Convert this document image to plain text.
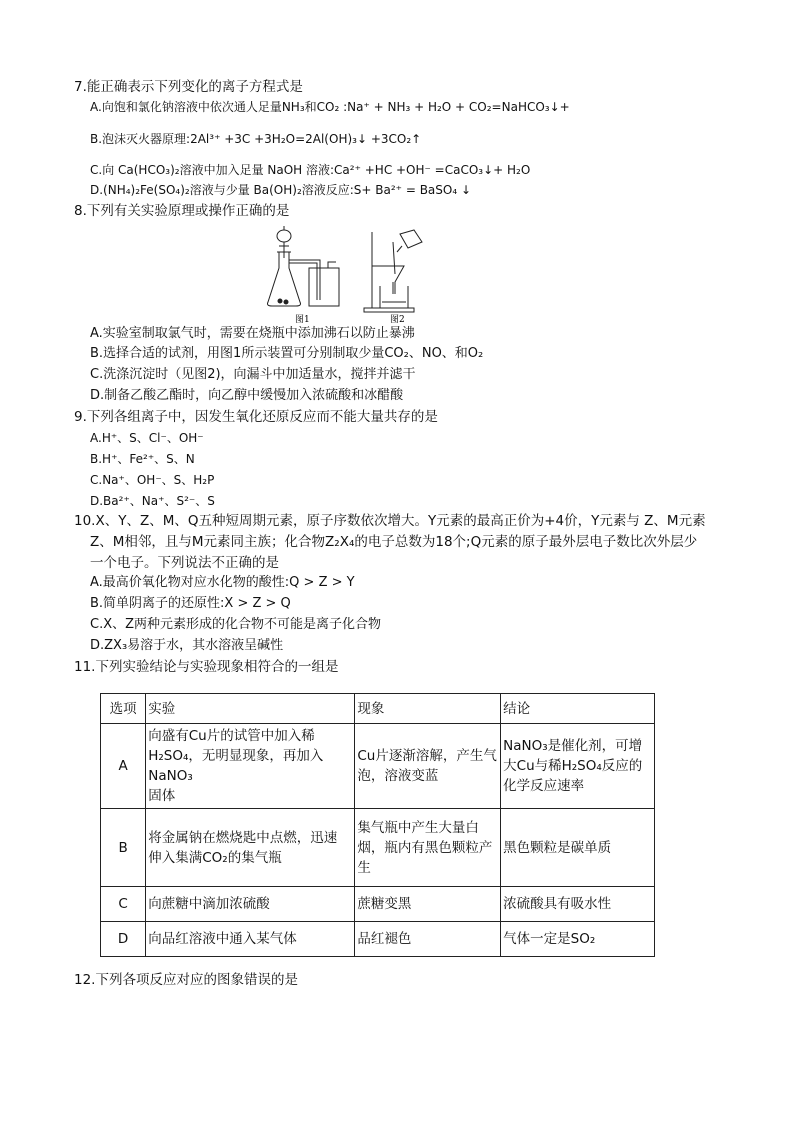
7.能正确表示下列变化的离子方程式是
A.向饱和氯化钠溶液中依次通人足量NH₃和CO₂ :Na⁺ + NH₃ + H₂O + CO₂=NaHCO₃↓+
B.泡沫灭火器原理:2Al³⁺ +3C +3H₂O=2Al(OH)₃↓ +3CO₂↑
C.向 Ca(HCO₃)₂溶液中加入足量 NaOH 溶液:Ca²⁺ +HC +OH⁻ =CaCO₃↓+ H₂O
D.(NH₄)₂Fe(SO₄)₂溶液与少量 Ba(OH)₂溶液反应:S+ Ba²⁺ = BaSO₄ ↓
8.下列有关实验原理或操作正确的是
图1	图2
A.实验室制取氯气时，需要在烧瓶中添加沸石以防止暴沸
B.选择合适的试剂，用图1所示装置可分别制取少量CO₂、NO、和O₂
C.洗涤沉淀时（见图2)，向漏斗中加适量水，搅拌并滤干
D.制备乙酸乙酯时，向乙醇中缓慢加入浓硫酸和冰醋酸
9.下列各组离子中，因发生氧化还原反应而不能大量共存的是
A.H⁺、S、Cl⁻、OH⁻
B.H⁺、Fe²⁺、S、N
C.Na⁺、OH⁻、S、H₂P
D.Ba²⁺、Na⁺、S²⁻、S
10.X、Y、Z、M、Q五种短周期元素，原子序数依次增大。Y元素的最高正价为+4价，Y元素与 Z、M元素
Z、M相邻，且与M元素同主族；化合物Z₂X₄的电子总数为18个;Q元素的原子最外层电子数比次外层少
一个电子。下列说法不正确的是
A.最高价氧化物对应水化物的酸性:Q > Z > Y
B.简单阴离子的还原性:X > Z > Q
C.X、Z两种元素形成的化合物不可能是离子化合物
D.ZX₃易溶于水，其水溶液呈碱性
11.下列实验结论与实验现象相符合的一组是
选项	实验	现象	结论
A	向盛有Cu片的试管中加入稀
H₂SO₄，无明显现象，再加入NaNO₃
固体	Cu片逐渐溶解，产生气
泡，溶液变蓝	NaNO₃是催化剂，可增
大Cu与稀H₂SO₄反应的
化学反应速率
B	将金属钠在燃烧匙中点燃，迅速
伸入集满CO₂的集气瓶	集气瓶中产生大量白
烟，瓶内有黑色颗粒产
生	黑色颗粒是碳单质
C	向蔗糖中滴加浓硫酸	蔗糖变黑	浓硫酸具有吸水性
D	向品红溶液中通入某气体	品红褪色	气体一定是SO₂
12.下列各项反应对应的图象错误的是
